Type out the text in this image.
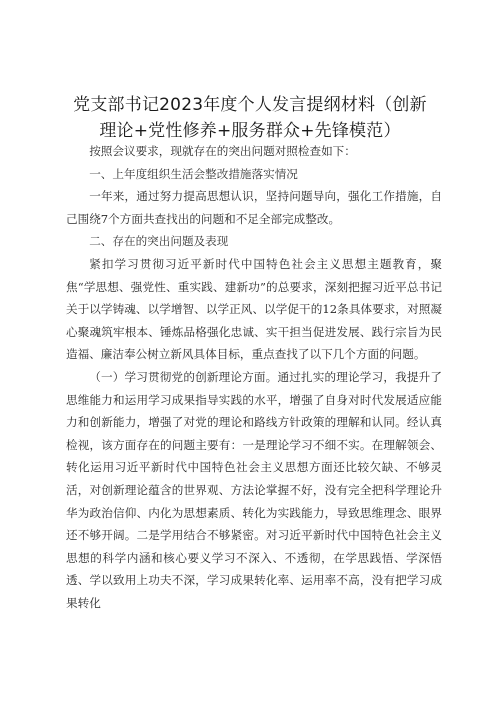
党支部书记2023年度个人发言提纲材料（创新理论+党性修养+服务群众+先锋模范）

按照会议要求，现就存在的突出问题对照检查如下：

一、上年度组织生活会整改措施落实情况

一年来，通过努力提高思想认识，坚持问题导向，强化工作措施，自己围绕7个方面共查找出的问题和不足全部完成整改。

二、存在的突出问题及表现

紧扣学习贯彻习近平新时代中国特色社会主义思想主题教育，聚焦“学思想、强党性、重实践、建新功”的总要求，深刻把握习近平总书记关于以学铸魂、以学增智、以学正风、以学促干的12条具体要求，对照凝心聚魂筑牢根本、锤炼品格强化忠诚、实干担当促进发展、践行宗旨为民造福、廉洁奉公树立新风具体目标，重点查找了以下几个方面的问题。

（一）学习贯彻党的创新理论方面。通过扎实的理论学习，我提升了思维能力和运用学习成果指导实践的水平，增强了自身对时代发展适应能力和创新能力，增强了对党的理论和路线方针政策的理解和认同。经认真检视，该方面存在的问题主要有：一是理论学习不细不实。在理解领会、转化运用习近平新时代中国特色社会主义思想方面还比较欠缺、不够灵活，对创新理论蕴含的世界观、方法论掌握不好，没有完全把科学理论升华为政治信仰、内化为思想素质、转化为实践能力，导致思维理念、眼界还不够开阔。二是学用结合不够紧密。对习近平新时代中国特色社会主义思想的科学内涵和核心要义学习不深入、不透彻，在学思践悟、学深悟透、学以致用上功夫不深，学习成果转化率、运用率不高，没有把学习成果转化
